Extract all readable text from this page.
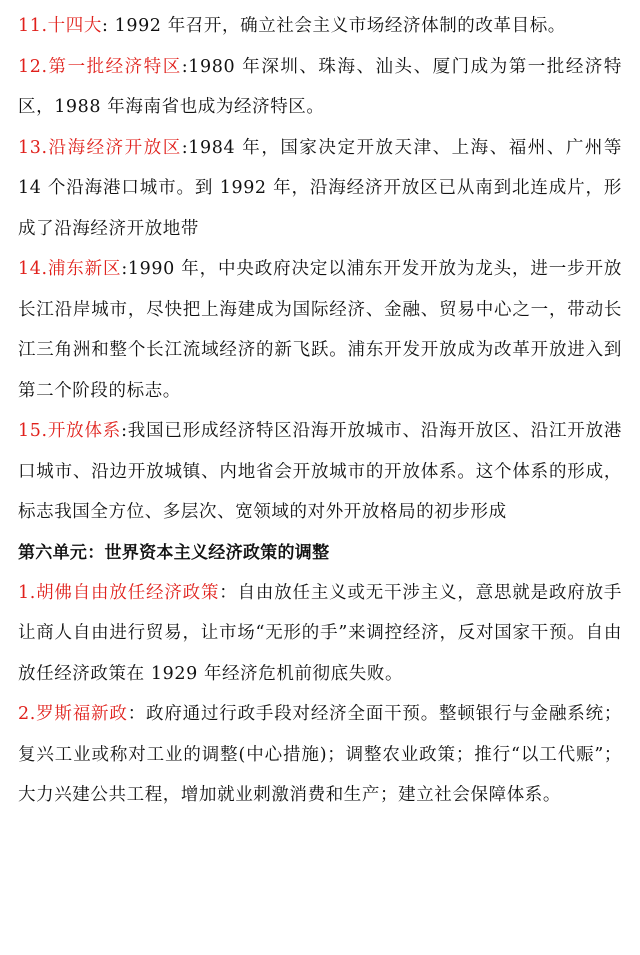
11.十四大: 1992 年召开，确立社会主义市场经济体制的改革目标。

12.第一批经济特区:1980 年深圳、珠海、汕头、厦门成为第一批经济特区，1988 年海南省也成为经济特区。

13.沿海经济开放区:1984 年，国家决定开放天津、上海、福州、广州等 14 个沿海港口城市。到 1992 年，沿海经济开放区已从南到北连成片，形成了沿海经济开放地带

14.浦东新区:1990 年，中央政府决定以浦东开发开放为龙头，进一步开放长江沿岸城市，尽快把上海建成为国际经济、金融、贸易中心之一，带动长江三角洲和整个长江流域经济的新飞跃。浦东开发开放成为改革开放进入到第二个阶段的标志。

15.开放体系:我国已形成经济特区沿海开放城市、沿海开放区、沿江开放港口城市、沿边开放城镇、内地省会开放城市的开放体系。这个体系的形成，标志我国全方位、多层次、宽领域的对外开放格局的初步形成

第六单元：世界资本主义经济政策的调整

1.胡佛自由放任经济政策：自由放任主义或无干涉主义，意思就是政府放手让商人自由进行贸易，让市场“无形的手”来调控经济，反对国家干预。自由放任经济政策在 1929 年经济危机前彻底失败。

2.罗斯福新政：政府通过行政手段对经济全面干预。整顿银行与金融系统；复兴工业或称对工业的调整(中心措施)；调整农业政策；推行“以工代赈”；大力兴建公共工程，增加就业刺激消费和生产；建立社会保障体系。
